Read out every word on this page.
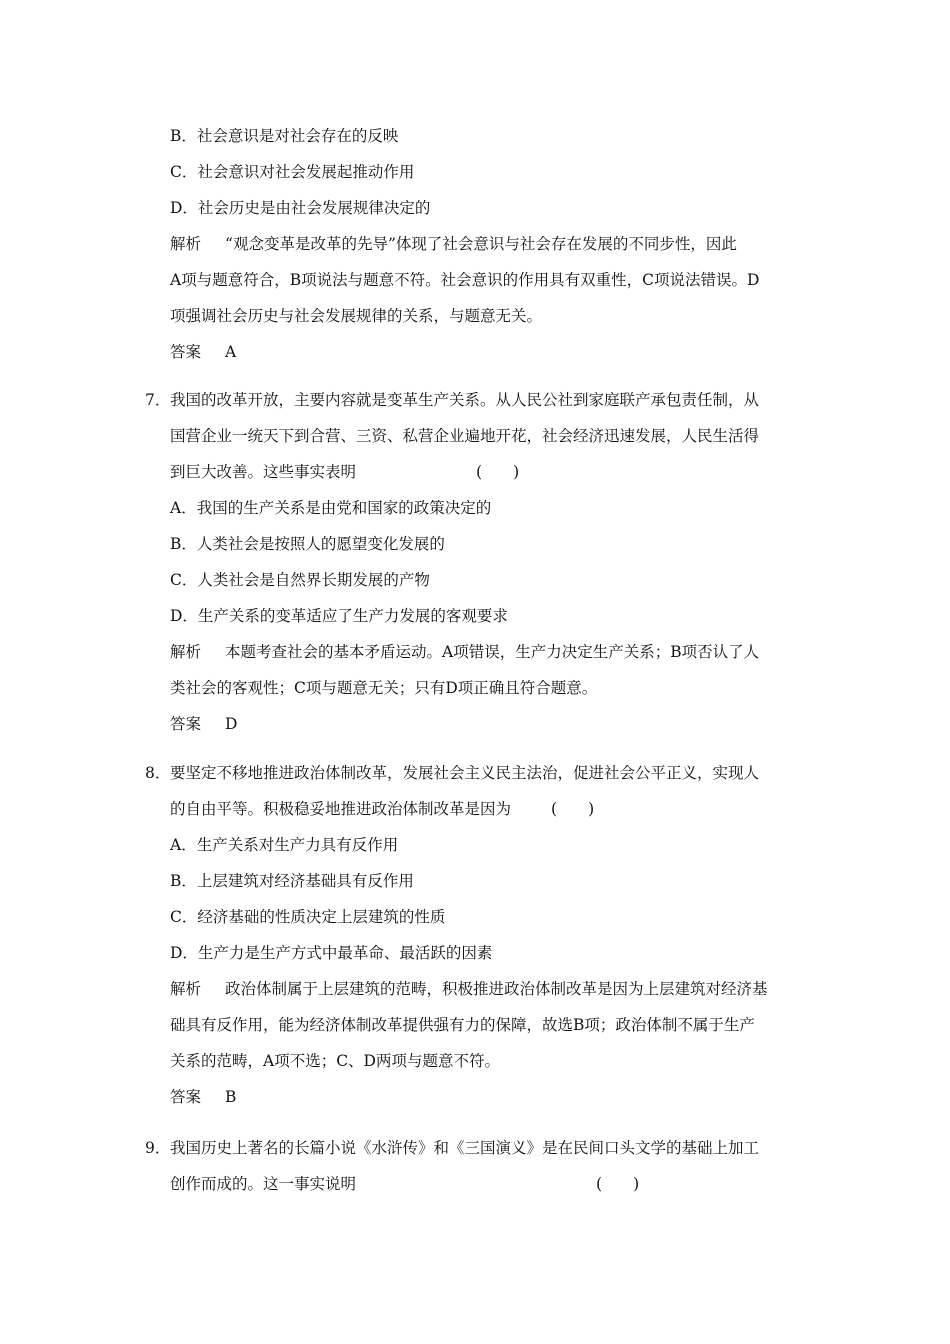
B．社会意识是对社会存在的反映
C．社会意识对社会发展起推动作用
D．社会历史是由社会发展规律决定的
解析 “观念变革是改革的先导”体现了社会意识与社会存在发展的不同步性，因此
A项与题意符合，B项说法与题意不符。社会意识的作用具有双重性，C项说法错误。D
项强调社会历史与社会发展规律的关系，与题意无关。
答案 A
7．我国的改革开放，主要内容就是变革生产关系。从人民公社到家庭联产承包责任制，从
国营企业一统天下到合营、三资、私营企业遍地开花，社会经济迅速发展，人民生活得
到巨大改善。这些事实表明	(　　)
A．我国的生产关系是由党和国家的政策决定的
B．人类社会是按照人的愿望变化发展的
C．人类社会是自然界长期发展的产物
D．生产关系的变革适应了生产力发展的客观要求
解析 本题考查社会的基本矛盾运动。A项错误，生产力决定生产关系；B项否认了人
类社会的客观性；C项与题意无关；只有D项正确且符合题意。
答案 D
8．要坚定不移地推进政治体制改革，发展社会主义民主法治，促进社会公平正义，实现人
的自由平等。积极稳妥地推进政治体制改革是因为	(　　)
A．生产关系对生产力具有反作用
B．上层建筑对经济基础具有反作用
C．经济基础的性质决定上层建筑的性质
D．生产力是生产方式中最革命、最活跃的因素
解析 政治体制属于上层建筑的范畴，积极推进政治体制改革是因为上层建筑对经济基
础具有反作用，能为经济体制改革提供强有力的保障，故选B项；政治体制不属于生产
关系的范畴，A项不选；C、D两项与题意不符。
答案 B
9．我国历史上著名的长篇小说《水浒传》和《三国演义》是在民间口头文学的基础上加工
创作而成的。这一事实说明	(　　)
